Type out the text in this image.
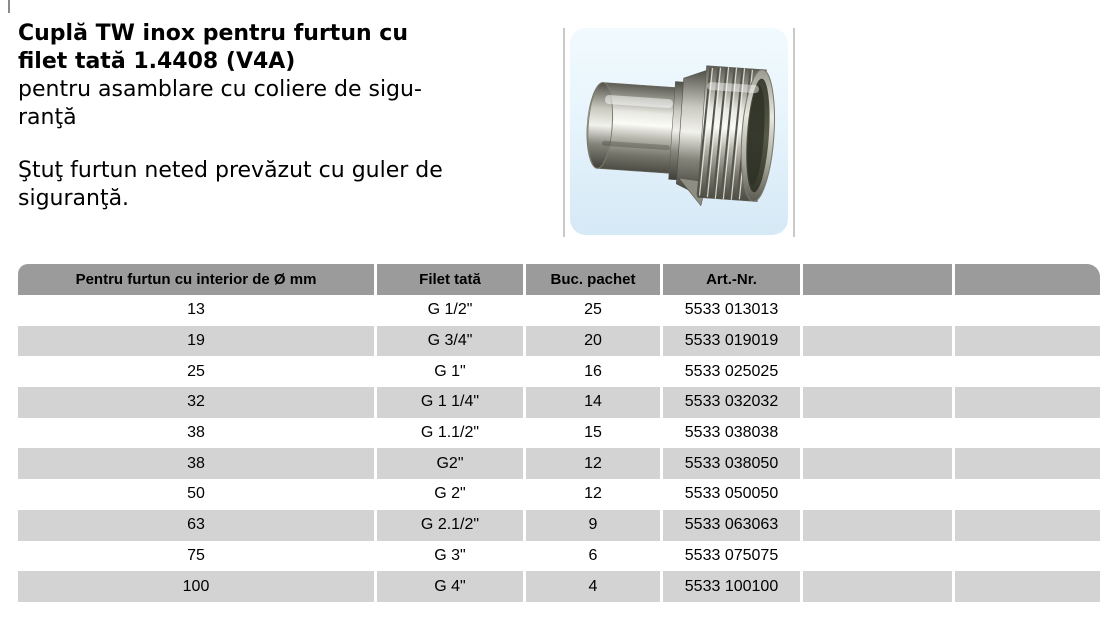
Cuplă TW inox pentru furtun cu
filet tată 1.4408 (V4A)

pentru asamblare cu coliere de sigu-
ranţă

Ştuţ furtun neted prevăzut cu guler de
siguranţă.

Pentru furtun cu interior de Ø mm	Filet tată	Buc. pachet	Art.-Nr.		
13	G 1/2"	25	5533 013013		
19	G 3/4"	20	5533 019019		
25	G 1"	16	5533 025025		
32	G 1 1/4"	14	5533 032032		
38	G 1.1/2"	15	5533 038038		
38	G2"	12	5533 038050		
50	G 2"	12	5533 050050		
63	G 2.1/2"	9	5533 063063		
75	G 3"	6	5533 075075		
100	G 4"	4	5533 100100		
